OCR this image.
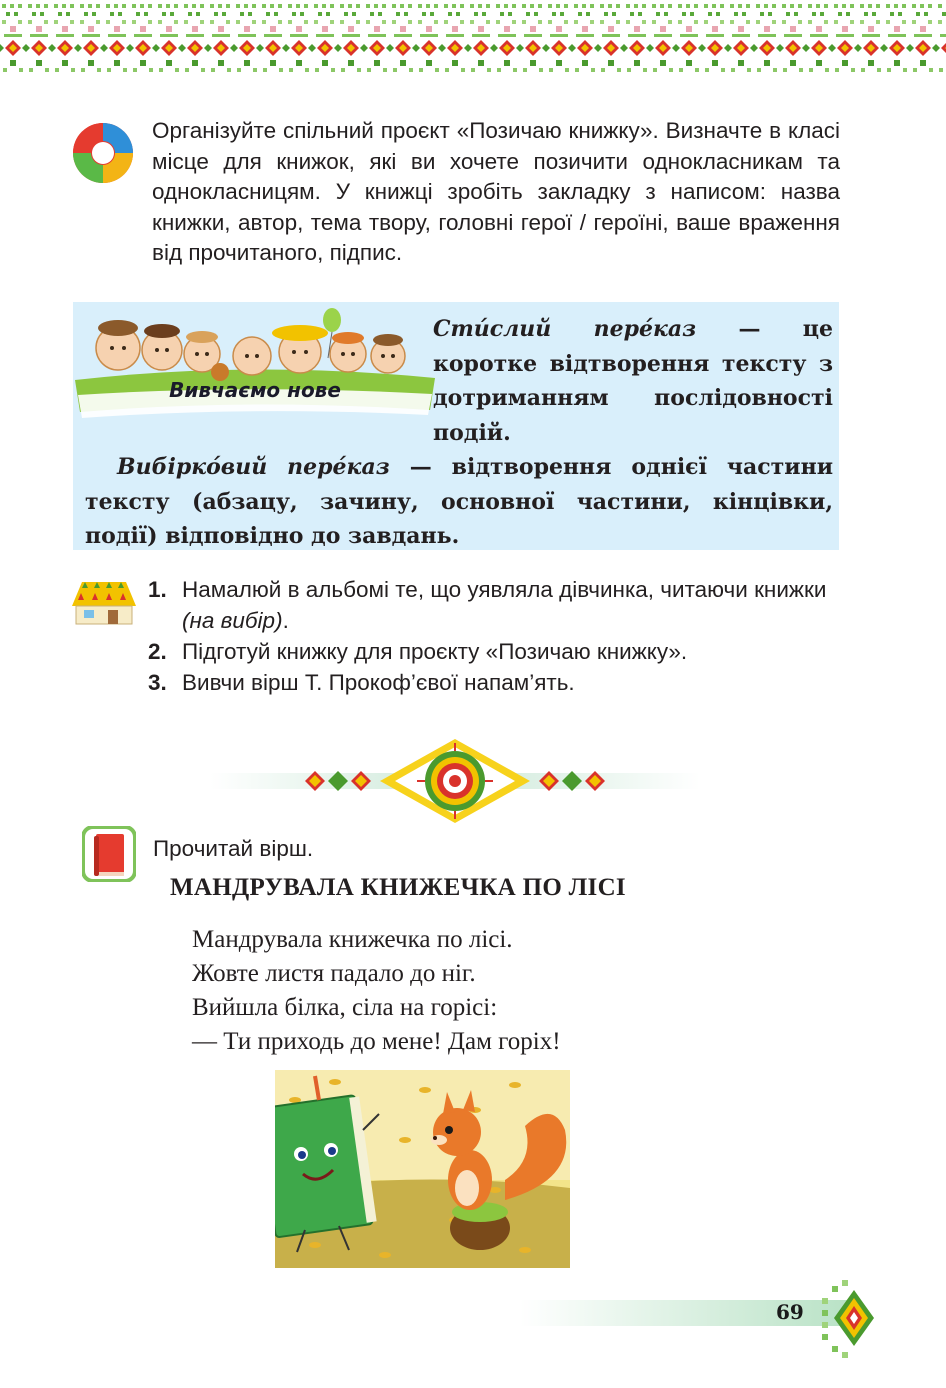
Організуйте спільний проєкт «Позичаю книжку». Визначте в класі місце для книжок, які ви хочете позичити однокласникам та однокласницям. У книжці зробіть закладку з написом: назва книжки, автор, тема твору, головні герої / героїні, ваше враження від прочитаного, підпис.
Вивчаємо нове
Сти́слий пере́каз — це коротке відтворення тексту з дотриманням послідовності подій.
Вибірко́вий пере́каз — відтворення однієї частини тексту (абзацу, зачину, основної частини, кінцівки, події) відповідно до завдань.
1. Намалюй в альбомі те, що уявляла дівчинка, читаючи книжки (на вибір).
2. Підготуй книжку для проєкту «Позичаю книжку».
3. Вивчи вірш Т. Прокоф’євої напам’ять.
Прочитай вірш.
МАНДРУВАЛА КНИЖЕЧКА ПО ЛІСІ
Мандрувала книжечка по лісі.
Жовте листя падало до ніг.
Вийшла білка, сіла на горісі:
— Ти приходь до мене! Дам горіх!
69
